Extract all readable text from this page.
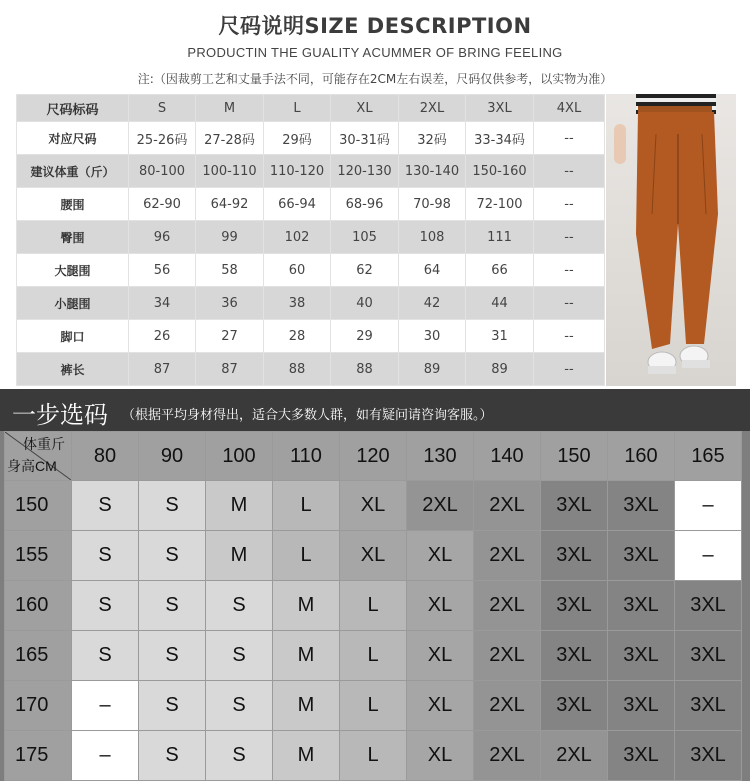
尺码说明SIZE DESCRIPTION
PRODUCTIN THE GUALITY ACUMMER OF BRING FEELING
注:（因裁剪工艺和丈量手法不同，可能存在2CM左右误差，尺码仅供参考，以实物为准）
尺码标码	S	M	L	XL	2XL	3XL	4XL
对应尺码	25-26码	27-28码	29码	30-31码	32码	33-34码	--
建议体重（斤）	80-100	100-110	110-120	120-130	130-140	150-160	--
腰围	62-90	64-92	66-94	68-96	70-98	72-100	--
臀围	96	99	102	105	108	111	--
大腿围	56	58	60	62	64	66	--
小腿围	34	36	38	40	42	44	--
脚口	26	27	28	29	30	31	--
裤长	87	87	88	88	89	89	--
一步选码 （根据平均身材得出，适合大多数人群，如有疑问请咨询客服。）
体重斤
身高CM	80	90	100	110	120	130	140	150	160	165
150	S	S	M	L	XL	2XL	2XL	3XL	3XL	–
155	S	S	M	L	XL	XL	2XL	3XL	3XL	–
160	S	S	S	M	L	XL	2XL	3XL	3XL	3XL
165	S	S	S	M	L	XL	2XL	3XL	3XL	3XL
170	–	S	S	M	L	XL	2XL	3XL	3XL	3XL
175	–	S	S	M	L	XL	2XL	2XL	3XL	3XL
